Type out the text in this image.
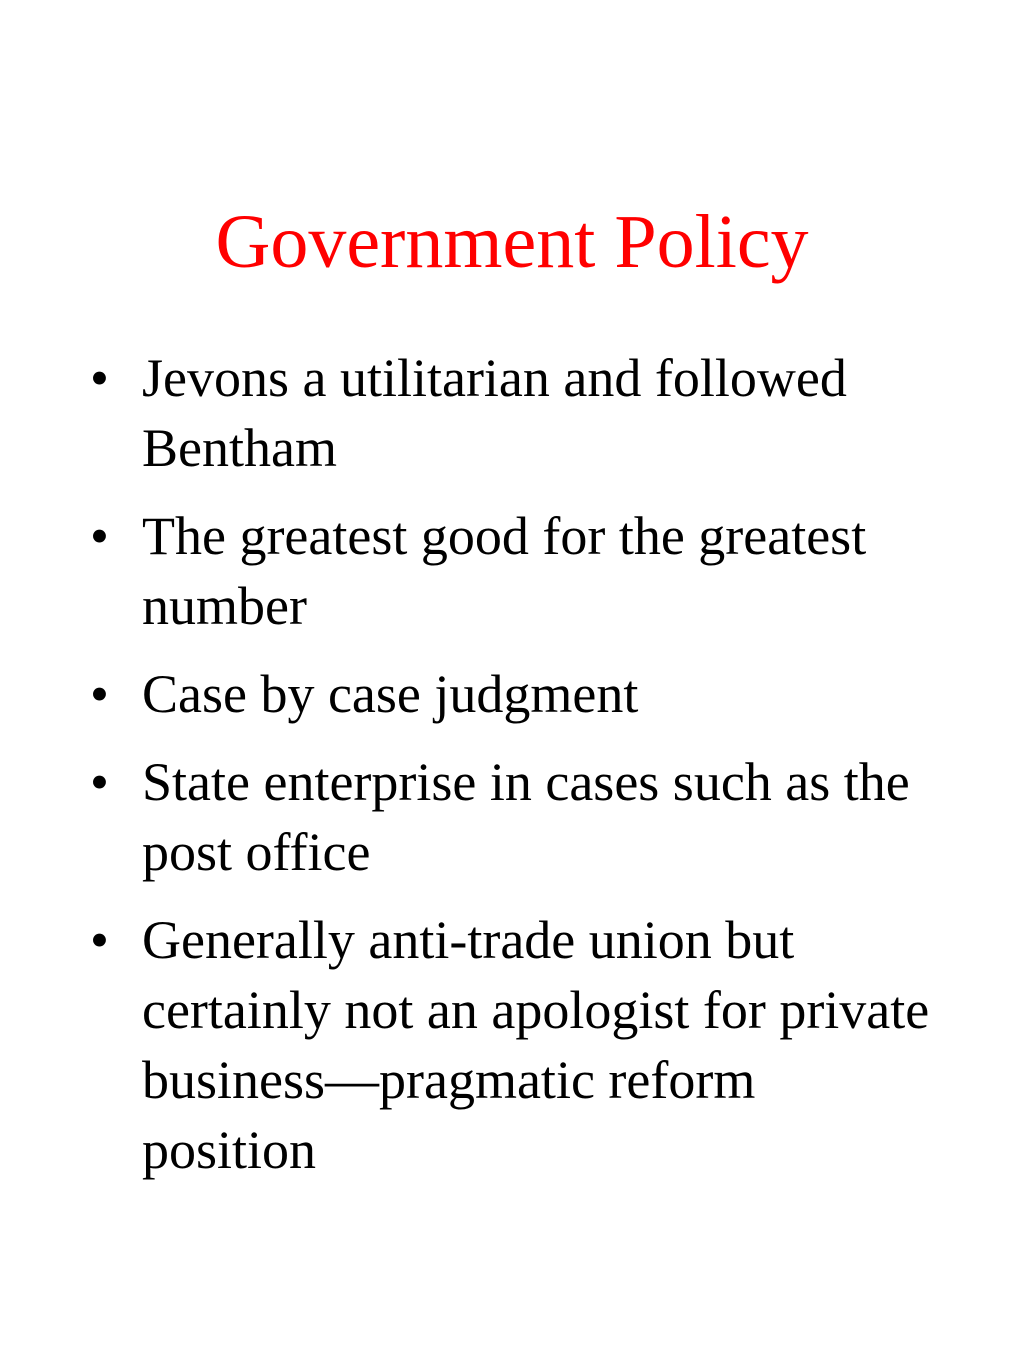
Government Policy
• Jevons a utilitarian and followed Bentham
• The greatest good for the greatest number
• Case by case judgment
• State enterprise in cases such as the post office
• Generally anti-trade union but certainly not an apologist for private business—pragmatic reform position
